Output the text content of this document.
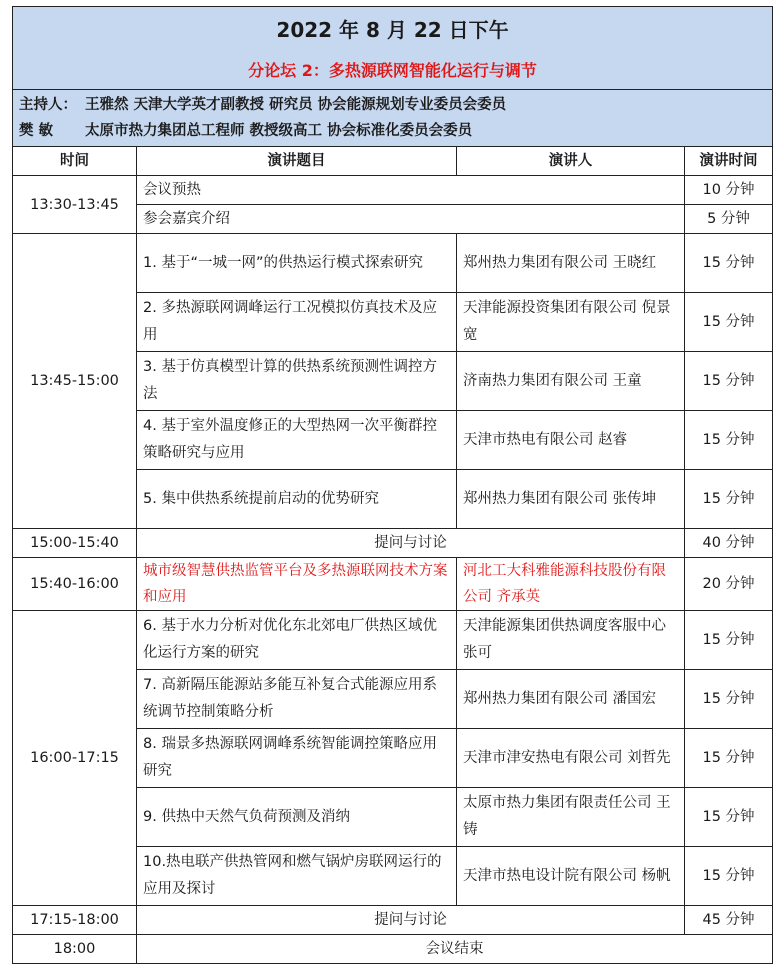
2022 年 8 月 22 日下午			
分论坛 2：多热源联网智能化运行与调节			

主持人： 王雅然 天津大学英才副教授 研究员 协会能源规划专业委员会委员
樊 敏 太原市热力集团总工程师 教授级高工 协会标准化委员会委员			

时间	演讲题目	演讲人	演讲时间
13:30-13:45	会议预热		10 分钟
	参会嘉宾介绍		5 分钟
13:45-15:00	1. 基于“一城一网”的供热运行模式探索研究	郑州热力集团有限公司 王晓红	15 分钟
	2. 多热源联网调峰运行工况模拟仿真技术及应用	天津能源投资集团有限公司 倪景宽	15 分钟
	3. 基于仿真模型计算的供热系统预测性调控方法	济南热力集团有限公司 王童	15 分钟
	4. 基于室外温度修正的大型热网一次平衡群控策略研究与应用	天津市热电有限公司 赵睿	15 分钟
	5. 集中供热系统提前启动的优势研究	郑州热力集团有限公司 张传坤	15 分钟
15:00-15:40	提问与讨论		40 分钟
15:40-16:00	城市级智慧供热监管平台及多热源联网技术方案和应用	河北工大科雅能源科技股份有限公司 齐承英	20 分钟
16:00-17:15	6. 基于水力分析对优化东北郊电厂供热区域优化运行方案的研究	天津能源集团供热调度客服中心 张可	15 分钟
	7. 高新隔压能源站多能互补复合式能源应用系统调节控制策略分析	郑州热力集团有限公司 潘国宏	15 分钟
	8. 瑞景多热源联网调峰系统智能调控策略应用研究	天津市津安热电有限公司 刘哲先	15 分钟
	9. 供热中天然气负荷预测及消纳	太原市热力集团有限责任公司 王铸	15 分钟
	10.热电联产供热管网和燃气锅炉房联网运行的应用及探讨	天津市热电设计院有限公司 杨帆	15 分钟
17:15-18:00	提问与讨论		45 分钟
18:00	会议结束		
